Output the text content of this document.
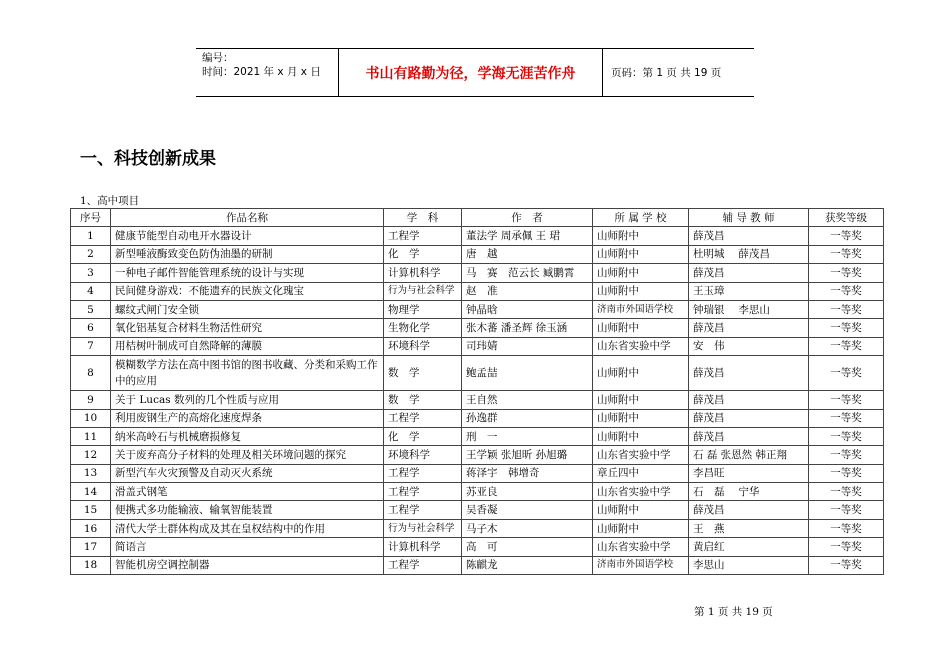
编号：
时间：2021 年 x 月 x 日	书山有路勤为径，学海无涯苦作舟	页码：第 1 页 共 19 页
一、科技创新成果
1、高中项目
序号	作品名称	学　科	作　者	所 属 学 校	辅 导 教 师	获奖等级
1	健康节能型自动电开水器设计	工程学	董法学 周承佩 王 珺	山师附中	薛茂昌	一等奖
2	新型唾液酶致变色防伪油墨的研制	化　学	唐　越	山师附中	杜明城　 薛茂昌	一等奖
3	一种电子邮件智能管理系统的设计与实现	计算机科学	马　赛　范云长 臧鹏霄	山师附中	薛茂昌	一等奖
4	民间健身游戏：不能遗弃的民族文化瑰宝	行为与社会科学	赵　准	山师附中	王玉璋	一等奖
5	螺纹式闸门安全锁	物理学	钟晶晗	济南市外国语学校	钟瑞银　 李思山	一等奖
6	氧化铝基复合材料生物活性研究	生物化学	张木蕃 潘圣辉 徐玉涵	山师附中	薛茂昌	一等奖
7	用桔树叶制成可自然降解的薄膜	环境科学	司玮婧	山东省实验中学	安　伟	一等奖
8	模糊数学方法在高中图书馆的图书收藏、分类和采购工作中的应用	数　学	鲍孟喆	山师附中	薛茂昌	一等奖
9	关于 Lucas 数列的几个性质与应用	数　学	王自然	山师附中	薛茂昌	一等奖
10	利用废钢生产的高熔化速度焊条	工程学	孙逸群	山师附中	薛茂昌	一等奖
11	纳米高岭石与机械磨损修复	化　学	刑　一	山师附中	薛茂昌	一等奖
12	关于废弃高分子材料的处理及相关环境问题的探究	环境科学	王学颖 张旭昕 孙旭璐	山东省实验中学	石 磊 张恩然 韩正翔	一等奖
13	新型汽车火灾预警及自动灭火系统	工程学	蒋泽宇　韩增奇	章丘四中	李昌旺	一等奖
14	滑盖式钢笔	工程学	苏亚良	山东省实验中学	石　磊　 宁华	一等奖
15	便携式多功能输液、输氧智能装置	工程学	吴香凝	山师附中	薛茂昌	一等奖
16	清代大学士群体构成及其在皇权结构中的作用	行为与社会科学	马子木	山师附中	王　燕	一等奖
17	简语言	计算机科学	高　可	山东省实验中学	黄启红	一等奖
18	智能机房空调控制器	工程学	陈麒龙	济南市外国语学校	李思山	一等奖
第 1 页 共 19 页
